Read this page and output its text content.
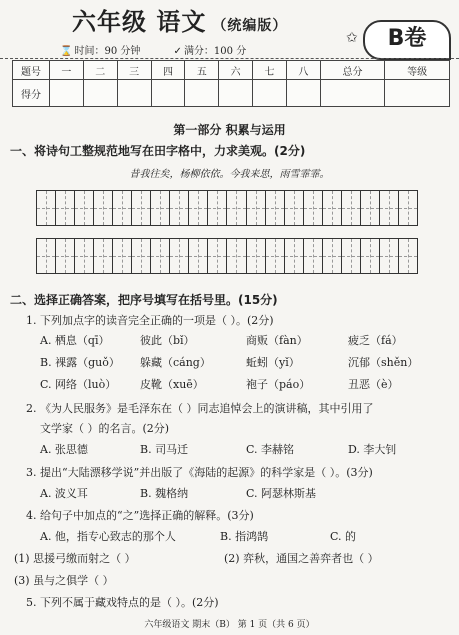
六年级 语文 （统编版）
⌛ 时间：90 分钟	✓ 满分：100 分
✩	B卷
题号	一	二	三	四	五	六	七	八	总分	等级
得分										
第一部分 积累与运用
一、将诗句工整规范地写在田字格中，力求美观。(2分)
昔我往矣，杨柳依依。今我来思，雨雪霏霏。
二、选择正确答案，把序号填写在括号里。(15分)
1. 下列加点字的读音完全正确的一项是（ ）。(2分)
A. 栖息（qī）	彼此（bǐ）	商贩（fàn）	疲乏（fá）
B. 裸露（guǒ） 躲藏（cáng）	蚯蚓（yǐ）	沉郁（shěn）
C. 网络（luò） 皮靴（xuē）	袍子（páo）	丑恶（è）
2. 《为人民服务》是毛泽东在（ ）同志追悼会上的演讲稿，其中引用了
文学家（ ）的名言。(2分)
A. 张思德	B. 司马迁	C. 李赫铭	D. 李大钊
3. 提出“大陆漂移学说”并出版了《海陆的起源》的科学家是（ ）。(3分)
A. 波义耳	B. 魏格纳	C. 阿瑟林斯基
4. 给句子中加点的“之”选择正确的解释。(3分)
A. 他，指专心致志的那个人	B. 指鸿鹄	C. 的
(1) 思援弓缴而射之（ ）	(2) 弈秋，通国之善弈者也（ ）
(3) 虽与之俱学（ ）
5. 下列不属于藏戏特点的是（ ）。(2分)
六年级语文 期末（B） 第 1 页（共 6 页）
